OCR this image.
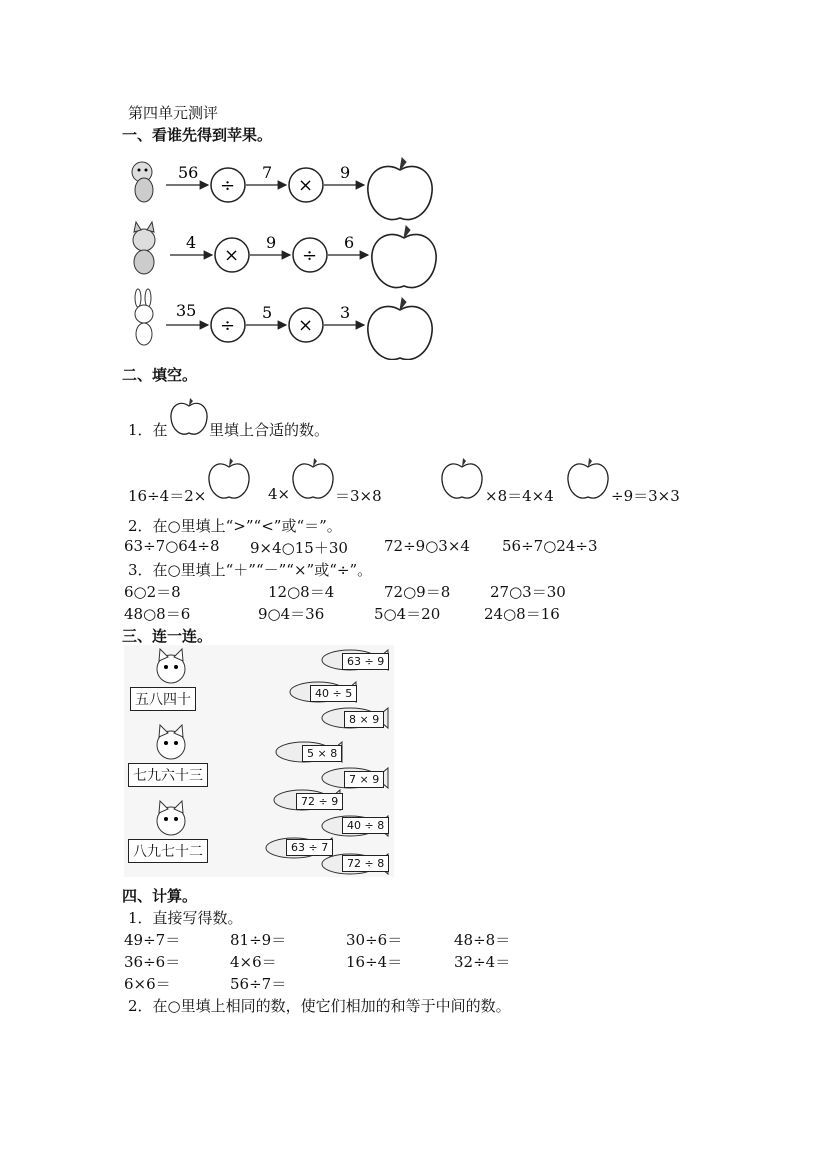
第四单元测评
一、看谁先得到苹果。
56
÷
7
×
9
4
×
9
÷
6
35
÷
5
×
3
二、填空。
1．在	里填上合适的数。
16÷4＝2×	4×	＝3×8	×8＝4×4	÷9＝3×3
2．在○里填上“>”“<”或“＝”。
63÷7○64÷8 9×4○15＋30 72÷9○3×4 56÷7○24÷3
3．在○里填上“＋”“－”“×”或“÷”。
6○2＝8	12○8＝4	72○9＝8	27○3＝30
48○8＝6	9○4＝36	5○4＝20	24○8＝16
三、连一连。
五八四十
七九六十三
八九七十二
63 ÷ 9
40 ÷ 5
8 × 9
5 × 8
7 × 9
72 ÷ 9
40 ÷ 8
63 ÷ 7
72 ÷ 8
四、计算。
1．直接写得数。
49÷7＝	81÷9＝	30÷6＝	48÷8＝
36÷6＝	4×6＝	16÷4＝	32÷4＝
6×6＝	56÷7＝
2．在○里填上相同的数，使它们相加的和等于中间的数。
